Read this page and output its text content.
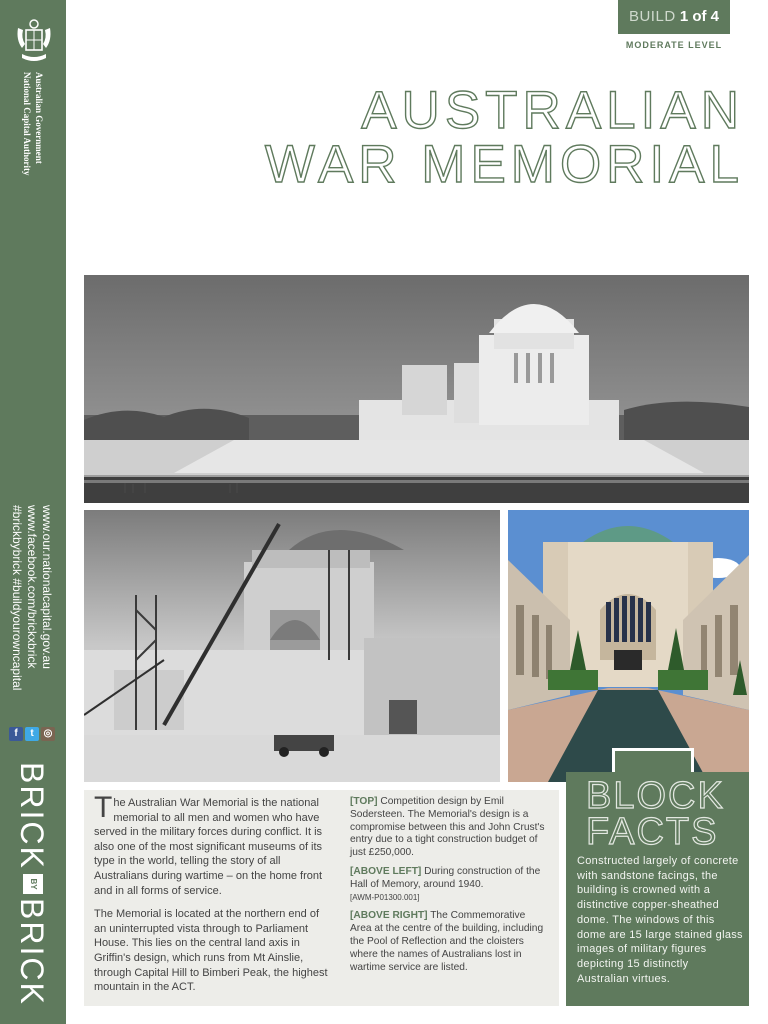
Australian Government
National Capital Authority
www.our.nationalcapital.gov.au
www.facebook.com/brickxbrick
#brickbybrick #buildyourowncapital
f	t ◎
BRICK
BY
BRICK
BUILD 1 of 4
MODERATE LEVEL
AUSTRALIAN
WAR MEMORIAL

The Australian War Memorial is the national memorial to all men and women who have served in the military forces during conflict. It is also one of the most significant museums of its type in the world, telling the story of all Australians during wartime – on the home front and in all forms of service.

The Memorial is located at the northern end of an uninterrupted vista through to Parliament House. This lies on the central land axis in Griffin's design, which runs from Mt Ainslie, through Capital Hill to Bimberi Peak, the highest mountain in the ACT.

[TOP] Competition design by Emil Sodersteen. The Memorial's design is a compromise between this and John Crust's entry due to a tight construction budget of just £250,000.

[ABOVE LEFT] During construction of the Hall of Memory, around 1940.
[AWM-P01300.001]

[ABOVE RIGHT] The Commemorative Area at the centre of the building, including the Pool of Reflection and the cloisters where the names of Australians lost in wartime service are listed.

BLOCK
FACTS
Constructed largely of concrete with sandstone facings, the building is crowned with a distinctive copper-sheathed dome. The windows of this dome are 15 large stained glass images of military figures depicting 15 distinctly Australian virtues.
